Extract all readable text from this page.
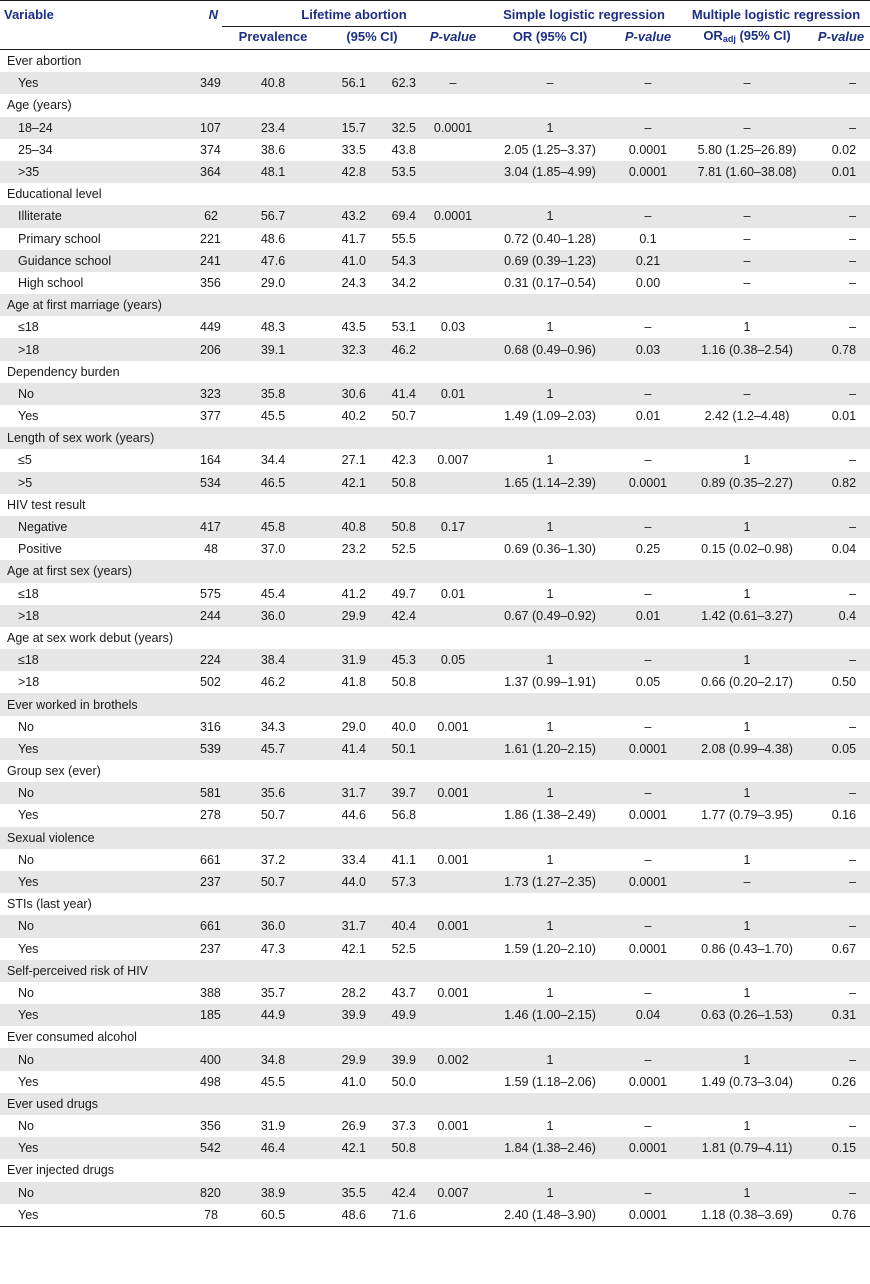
Variable	N	Lifetime abortion				Simple logistic regression		Multiple logistic regression	
		Prevalence	(95% CI)		P-value	OR (95% CI)	P-value	$OR_{adj}$ (95% CI)	P-value
Ever abortion									
Yes	349	40.8	56.1	62.3	–	–	–	–	–
Age (years)									
18–24	107	23.4	15.7	32.5	0.0001	1	–	–	–
25–34	374	38.6	33.5	43.8		2.05 (1.25–3.37)	0.0001	5.80 (1.25–26.89)	0.02
>35	364	48.1	42.8	53.5		3.04 (1.85–4.99)	0.0001	7.81 (1.60–38.08)	0.01
Educational level									
Illiterate	62	56.7	43.2	69.4	0.0001	1	–	–	–
Primary school	221	48.6	41.7	55.5		0.72 (0.40–1.28)	0.1	–	–
Guidance school	241	47.6	41.0	54.3		0.69 (0.39–1.23)	0.21	–	–
High school	356	29.0	24.3	34.2		0.31 (0.17–0.54)	0.00	–	–
Age at first marriage (years)									
≤18	449	48.3	43.5	53.1	0.03	1	–	1	–
>18	206	39.1	32.3	46.2		0.68 (0.49–0.96)	0.03	1.16 (0.38–2.54)	0.78
Dependency burden									
No	323	35.8	30.6	41.4	0.01	1	–	–	–
Yes	377	45.5	40.2	50.7		1.49 (1.09–2.03)	0.01	2.42 (1.2–4.48)	0.01
Length of sex work (years)									
≤5	164	34.4	27.1	42.3	0.007	1	–	1	–
>5	534	46.5	42.1	50.8		1.65 (1.14–2.39)	0.0001	0.89 (0.35–2.27)	0.82
HIV test result									
Negative	417	45.8	40.8	50.8	0.17	1	–	1	–
Positive	48	37.0	23.2	52.5		0.69 (0.36–1.30)	0.25	0.15 (0.02–0.98)	0.04
Age at first sex (years)									
≤18	575	45.4	41.2	49.7	0.01	1	–	1	–
>18	244	36.0	29.9	42.4		0.67 (0.49–0.92)	0.01	1.42 (0.61–3.27)	0.4
Age at sex work debut (years)									
≤18	224	38.4	31.9	45.3	0.05	1	–	1	–
>18	502	46.2	41.8	50.8		1.37 (0.99–1.91)	0.05	0.66 (0.20–2.17)	0.50
Ever worked in brothels									
No	316	34.3	29.0	40.0	0.001	1	–	1	–
Yes	539	45.7	41.4	50.1		1.61 (1.20–2.15)	0.0001	2.08 (0.99–4.38)	0.05
Group sex (ever)									
No	581	35.6	31.7	39.7	0.001	1	–	1	–
Yes	278	50.7	44.6	56.8		1.86 (1.38–2.49)	0.0001	1.77 (0.79–3.95)	0.16
Sexual violence									
No	661	37.2	33.4	41.1	0.001	1	–	1	–
Yes	237	50.7	44.0	57.3		1.73 (1.27–2.35)	0.0001	–	–
STIs (last year)									
No	661	36.0	31.7	40.4	0.001	1	–	1	–
Yes	237	47.3	42.1	52.5		1.59 (1.20–2.10)	0.0001	0.86 (0.43–1.70)	0.67
Self-perceived risk of HIV									
No	388	35.7	28.2	43.7	0.001	1	–	1	–
Yes	185	44.9	39.9	49.9		1.46 (1.00–2.15)	0.04	0.63 (0.26–1.53)	0.31
Ever consumed alcohol									
No	400	34.8	29.9	39.9	0.002	1	–	1	–
Yes	498	45.5	41.0	50.0		1.59 (1.18–2.06)	0.0001	1.49 (0.73–3.04)	0.26
Ever used drugs									
No	356	31.9	26.9	37.3	0.001	1	–	1	–
Yes	542	46.4	42.1	50.8		1.84 (1.38–2.46)	0.0001	1.81 (0.79–4.11)	0.15
Ever injected drugs									
No	820	38.9	35.5	42.4	0.007	1	–	1	–
Yes	78	60.5	48.6	71.6		2.40 (1.48–3.90)	0.0001	1.18 (0.38–3.69)	0.76
